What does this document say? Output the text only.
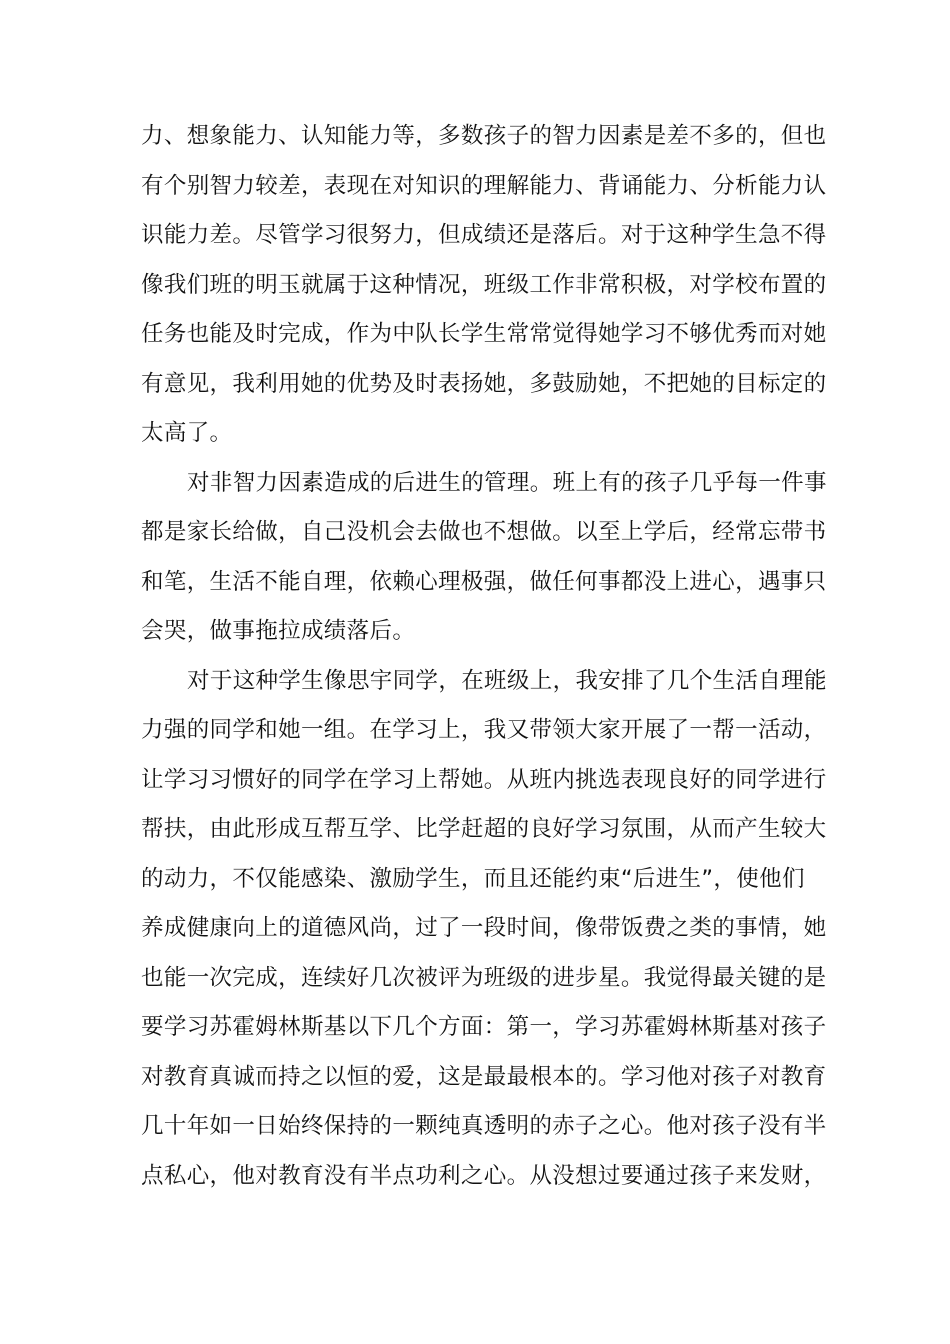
力、想象能力、认知能力等，多数孩子的智力因素是差不多的，但也
有个别智力较差，表现在对知识的理解能力、背诵能力、分析能力认
识能力差。尽管学习很努力，但成绩还是落后。对于这种学生急不得
像我们班的明玉就属于这种情况，班级工作非常积极，对学校布置的
任务也能及时完成，作为中队长学生常常觉得她学习不够优秀而对她
有意见，我利用她的优势及时表扬她，多鼓励她，不把她的目标定的
太高了。
对非智力因素造成的后进生的管理。班上有的孩子几乎每一件事
都是家长给做，自己没机会去做也不想做。以至上学后，经常忘带书
和笔，生活不能自理，依赖心理极强，做任何事都没上进心，遇事只
会哭，做事拖拉成绩落后。
对于这种学生像思宇同学，在班级上，我安排了几个生活自理能
力强的同学和她一组。在学习上，我又带领大家开展了一帮一活动，
让学习习惯好的同学在学习上帮她。从班内挑选表现良好的同学进行
帮扶，由此形成互帮互学、比学赶超的良好学习氛围，从而产生较大
的动力，不仅能感染、激励学生，而且还能约束“后进生”，使他们
养成健康向上的道德风尚，过了一段时间，像带饭费之类的事情，她
也能一次完成，连续好几次被评为班级的进步星。我觉得最关键的是
要学习苏霍姆林斯基以下几个方面：第一，学习苏霍姆林斯基对孩子
对教育真诚而持之以恒的爱，这是最最根本的。学习他对孩子对教育
几十年如一日始终保持的一颗纯真透明的赤子之心。他对孩子没有半
点私心，他对教育没有半点功利之心。从没想过要通过孩子来发财，
